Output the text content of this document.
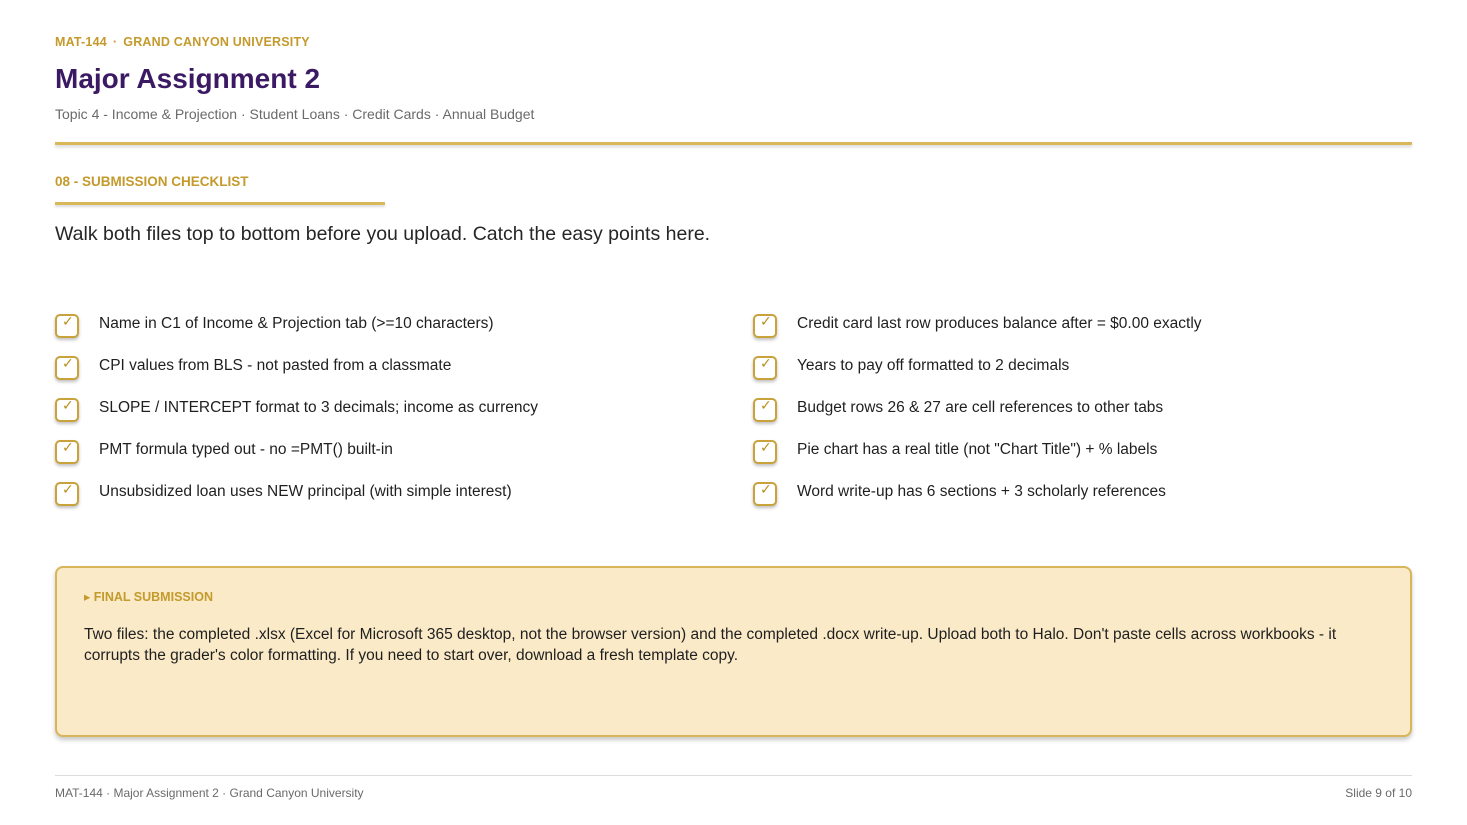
MAT-144 · GRAND CANYON UNIVERSITY
Major Assignment 2
Topic 4 - Income & Projection · Student Loans · Credit Cards · Annual Budget
08 - SUBMISSION CHECKLIST
Walk both files top to bottom before you upload. Catch the easy points here.
✓ Name in C1 of Income & Projection tab (>=10 characters)
✓ CPI values from BLS - not pasted from a classmate
✓ SLOPE / INTERCEPT format to 3 decimals; income as currency
✓ PMT formula typed out - no =PMT() built-in
✓ Unsubsidized loan uses NEW principal (with simple interest)
✓ Credit card last row produces balance after = $0.00 exactly
✓ Years to pay off formatted to 2 decimals
✓ Budget rows 26 & 27 are cell references to other tabs
✓ Pie chart has a real title (not "Chart Title") + % labels
✓ Word write-up has 6 sections + 3 scholarly references
▸ FINAL SUBMISSION
Two files: the completed .xlsx (Excel for Microsoft 365 desktop, not the browser version) and the completed .docx write-up. Upload both to Halo. Don't paste cells across workbooks - it corrupts the grader's color formatting. If you need to start over, download a fresh template copy.
MAT-144 · Major Assignment 2 · Grand Canyon University	Slide 9 of 10
